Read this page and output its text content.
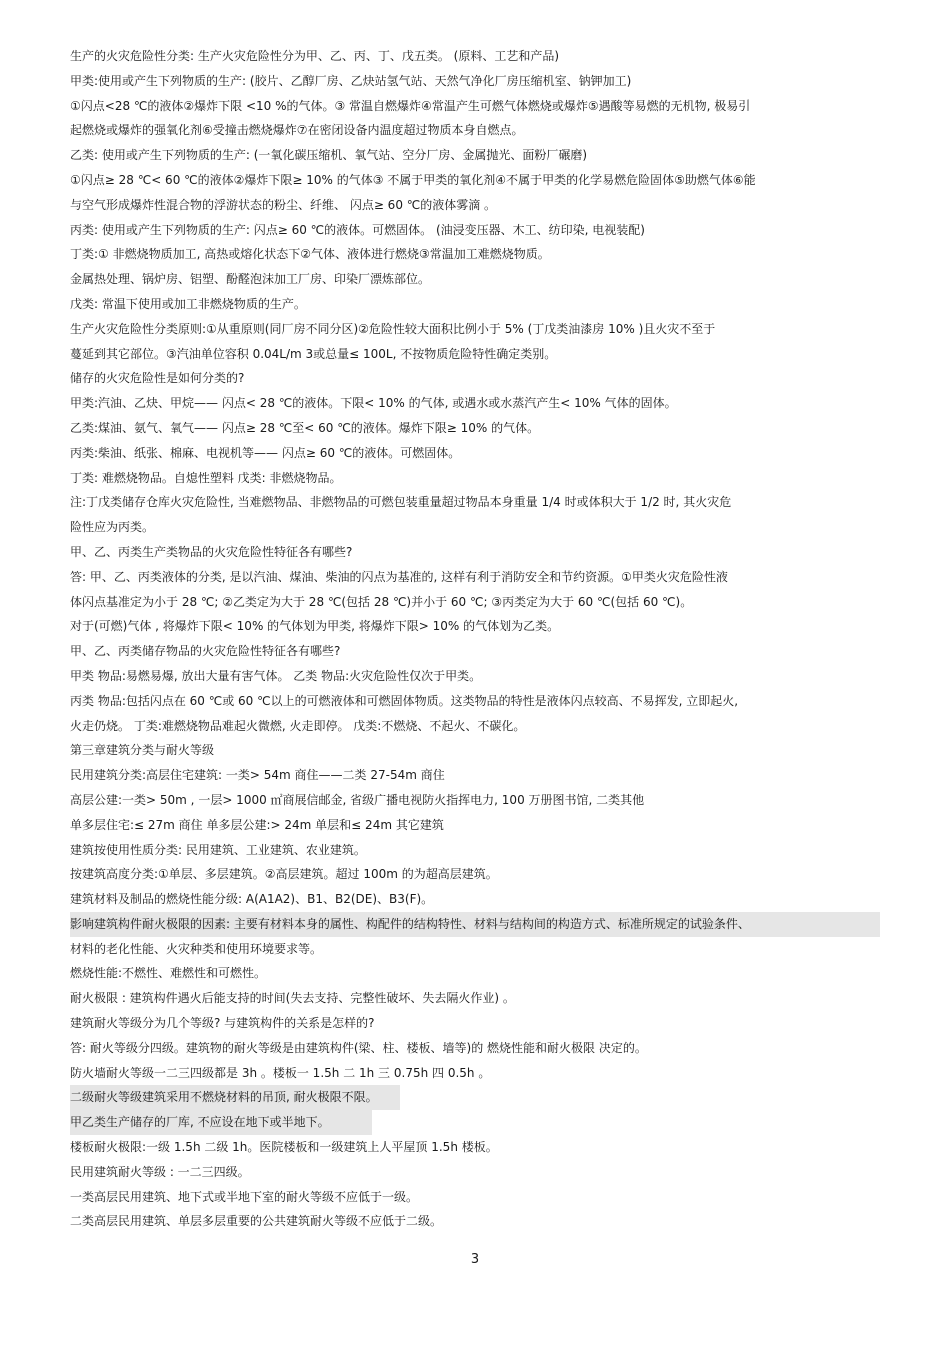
生产的火灾危险性分类: 生产火灾危险性分为甲、乙、丙、丁、戊五类。 (原料、工艺和产品)
甲类:使用或产生下列物质的生产: (胶片、乙醇厂房、乙炔站氢气站、天然气净化厂房压缩机室、钠钾加工)
①闪点<28 ℃的液体②爆炸下限 <10 %的气体。③ 常温自燃爆炸④常温产生可燃气体燃烧或爆炸⑤遇酸等易燃的无机物, 极易引
起燃烧或爆炸的强氧化剂⑥受撞击燃烧爆炸⑦在密闭设备内温度超过物质本身自燃点。
乙类: 使用或产生下列物质的生产: (一氧化碳压缩机、氧气站、空分厂房、金属抛光、面粉厂碾磨)
①闪点≥ 28 ℃< 60 ℃的液体②爆炸下限≥ 10% 的气体③ 不属于甲类的氧化剂④不属于甲类的化学易燃危险固体⑤助燃气体⑥能
与空气形成爆炸性混合物的浮游状态的粉尘、纤维、 闪点≥ 60 ℃的液体雾滴 。
丙类: 使用或产生下列物质的生产: 闪点≥ 60 ℃的液体。可燃固体。 (油浸变压器、木工、纺印染, 电视装配)
丁类:① 非燃烧物质加工, 高热或熔化状态下②气体、液体进行燃烧③常温加工难燃烧物质。
金属热处理、锅炉房、铝塑、酚醛泡沫加工厂房、印染厂漂炼部位。
戊类: 常温下使用或加工非燃烧物质的生产。
生产火灾危险性分类原则:①从重原则(同厂房不同分区)②危险性较大面积比例小于 5% (丁戊类油漆房 10% )且火灾不至于
蔓延到其它部位。③汽油单位容积 0.04L/m 3或总量≤ 100L, 不按物质危险特性确定类别。
储存的火灾危险性是如何分类的?
甲类:汽油、乙炔、甲烷—— 闪点< 28 ℃的液体。下限< 10% 的气体, 或遇水或水蒸汽产生< 10% 气体的固体。
乙类:煤油、氨气、氧气—— 闪点≥ 28 ℃至< 60 ℃的液体。爆炸下限≥ 10% 的气体。
丙类:柴油、纸张、棉麻、电视机等—— 闪点≥ 60 ℃的液体。可燃固体。
丁类: 难燃烧物品。自熄性塑料 戊类: 非燃烧物品。
注:丁戊类储存仓库火灾危险性, 当难燃物品、非燃物品的可燃包装重量超过物品本身重量 1/4 时或体积大于 1/2 时, 其火灾危
险性应为丙类。
甲、乙、丙类生产类物品的火灾危险性特征各有哪些?
答: 甲、乙、丙类液体的分类, 是以汽油、煤油、柴油的闪点为基准的, 这样有利于消防安全和节约资源。①甲类火灾危险性液
体闪点基准定为小于 28 ℃; ②乙类定为大于 28 ℃(包括 28 ℃)并小于 60 ℃; ③丙类定为大于 60 ℃(包括 60 ℃)。
对于(可燃)气体 , 将爆炸下限< 10% 的气体划为甲类, 将爆炸下限> 10% 的气体划为乙类。
甲、乙、丙类储存物品的火灾危险性特征各有哪些?
甲类 物品:易燃易爆, 放出大量有害气体。 乙类 物品:火灾危险性仅次于甲类。
丙类 物品:包括闪点在 60 ℃或 60 ℃以上的可燃液体和可燃固体物质。这类物品的特性是液体闪点较高、不易挥发, 立即起火,
火走仍烧。 丁类:难燃烧物品难起火微燃, 火走即停。 戊类:不燃烧、不起火、不碳化。
第三章建筑分类与耐火等级
民用建筑分类:高层住宅建筑: 一类> 54m 商住——二类 27-54m 商住
高层公建:一类> 50m , 一层> 1000 ㎡商展信邮金, 省级广播电视防火指挥电力, 100 万册图书馆, 二类其他
单多层住宅:≤ 27m 商住 单多层公建:> 24m 单层和≤ 24m 其它建筑
建筑按使用性质分类: 民用建筑、工业建筑、农业建筑。
按建筑高度分类:①单层、多层建筑。②高层建筑。超过 100m 的为超高层建筑。
建筑材料及制品的燃烧性能分级: A(A1A2)、B1、B2(DE)、B3(F)。
影响建筑构件耐火极限的因素: 主要有材料本身的属性、构配件的结构特性、材料与结构间的构造方式、标准所规定的试验条件、
材料的老化性能、火灾种类和使用环境要求等。
燃烧性能:不燃性、难燃性和可燃性。
耐火极限 : 建筑构件遇火后能支持的时间(失去支持、完整性破坏、失去隔火作业) 。
建筑耐火等级分为几个等级? 与建筑构件的关系是怎样的?
答: 耐火等级分四级。建筑物的耐火等级是由建筑构件(梁、柱、楼板、墙等)的 燃烧性能和耐火极限 决定的。
防火墙耐火等级一二三四级都是 3h 。楼板一 1.5h 二 1h 三 0.75h 四 0.5h 。
二级耐火等级建筑采用不燃烧材料的吊顶, 耐火极限不限。
甲乙类生产储存的厂库, 不应设在地下或半地下。
楼板耐火极限:一级 1.5h 二级 1h。医院楼板和一级建筑上人平屋顶 1.5h 楼板。
民用建筑耐火等级 : 一二三四级。
一类高层民用建筑、地下式或半地下室的耐火等级不应低于一级。
二类高层民用建筑、单层多层重要的公共建筑耐火等级不应低于二级。
3
